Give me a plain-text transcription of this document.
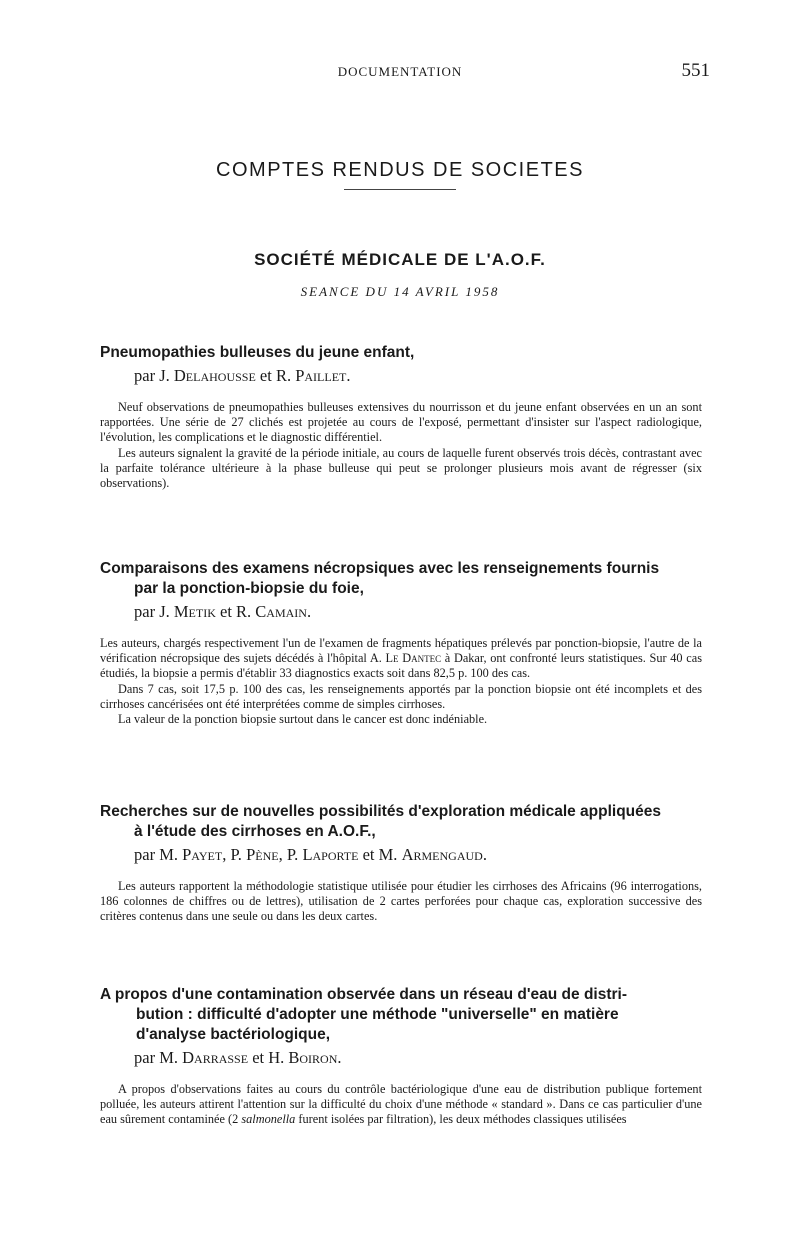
DOCUMENTATION	551
COMPTES RENDUS DE SOCIETES
SOCIÉTÉ MÉDICALE DE L'A.O.F.
SEANCE DU 14 AVRIL 1958
Pneumopathies bulleuses du jeune enfant,
par J. Delahousse et R. Paillet.

Neuf observations de pneumopathies bulleuses extensives du nourrisson et du jeune enfant observées en un an sont rapportées. Une série de 27 clichés est projetée au cours de l'exposé, permettant d'insister sur l'aspect radiologique, l'évolution, les complications et le diagnostic différentiel.

Les auteurs signalent la gravité de la période initiale, au cours de laquelle furent observés trois décès, contrastant avec la parfaite tolérance ultérieure à la phase bulleuse qui peut se prolonger plusieurs mois avant de régresser (six observations).

Comparaisons des examens nécropsiques avec les renseignements fournis
par la ponction-biopsie du foie,
par J. Metik et R. Camain.

Les auteurs, chargés respectivement l'un de l'examen de fragments hépatiques prélevés par ponction-biopsie, l'autre de la vérification nécropsique des sujets décédés à l'hôpital A. Le Dantec à Dakar, ont confronté leurs statistiques. Sur 40 cas étudiés, la biopsie a permis d'établir 33 diagnostics exacts soit dans 82,5 p. 100 des cas.

Dans 7 cas, soit 17,5 p. 100 des cas, les renseignements apportés par la ponction biopsie ont été incomplets et des cirrhoses cancérisées ont été interprétées comme de simples cirrhoses.

La valeur de la ponction biopsie surtout dans le cancer est donc indéniable.

Recherches sur de nouvelles possibilités d'exploration médicale appliquées
à l'étude des cirrhoses en A.O.F.,
par M. Payet, P. Pène, P. Laporte et M. Armengaud.

Les auteurs rapportent la méthodologie statistique utilisée pour étudier les cirrhoses des Africains (96 interrogations, 186 colonnes de chiffres ou de lettres), utilisation de 2 cartes perforées pour chaque cas, exploration successive des critères contenus dans une seule ou dans les deux cartes.

A propos d'une contamination observée dans un réseau d'eau de distri-
bution : difficulté d'adopter une méthode "universelle" en matière
d'analyse bactériologique,
par M. Darrasse et H. Boiron.

A propos d'observations faites au cours du contrôle bactériologique d'une eau de distribution publique fortement polluée, les auteurs attirent l'attention sur la difficulté du choix d'une méthode « standard ». Dans ce cas particulier d'une eau sûrement contaminée (2 salmonella furent isolées par filtration), les deux méthodes classiques utilisées
